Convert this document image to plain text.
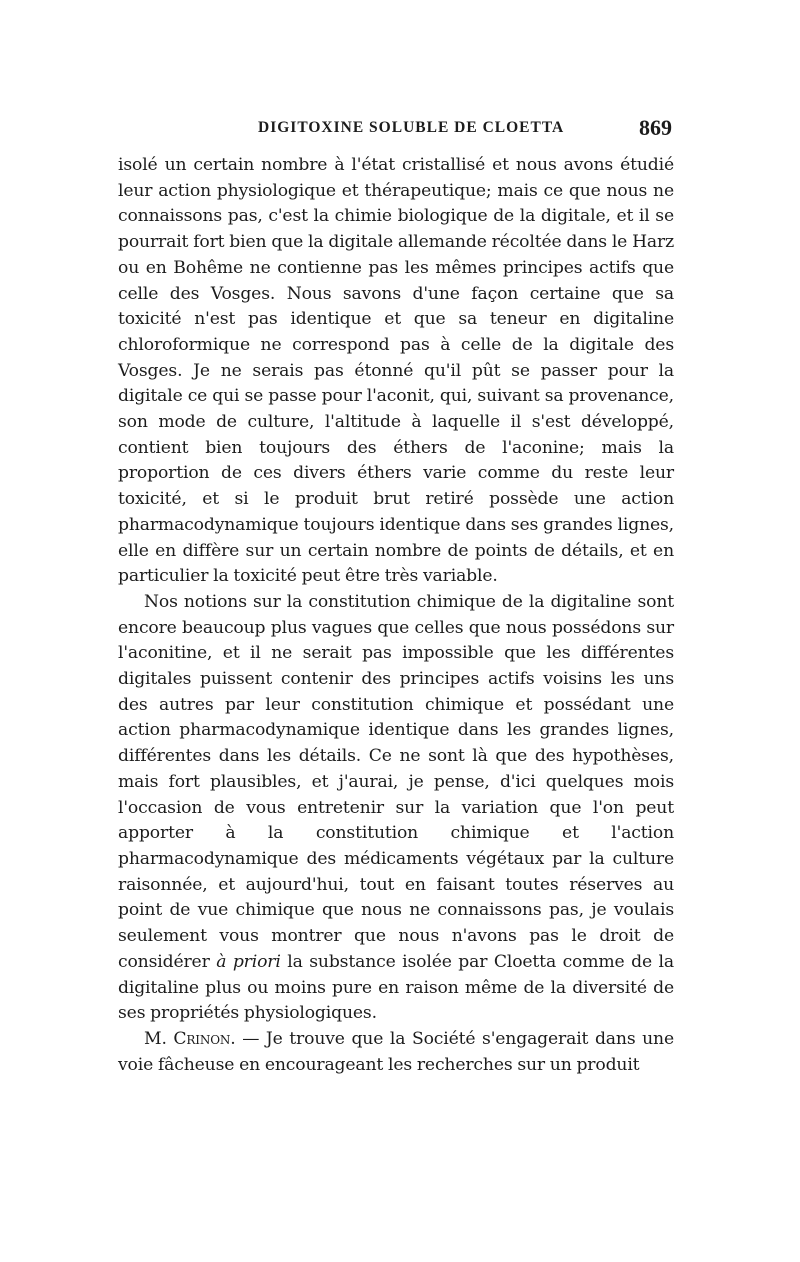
DIGITOXINE SOLUBLE DE CLOETTA	869

isolé un certain nombre à l'état cristallisé et nous avons étudié leur action physiologique et thérapeutique; mais ce que nous ne connaissons pas, c'est la chimie biologique de la digitale, et il se pourrait fort bien que la digitale allemande récoltée dans le Harz ou en Bohême ne contienne pas les mêmes principes actifs que celle des Vosges. Nous savons d'une façon certaine que sa toxicité n'est pas identique et que sa teneur en digitaline chloroformique ne correspond pas à celle de la digitale des Vosges. Je ne serais pas étonné qu'il pût se passer pour la digitale ce qui se passe pour l'aconit, qui, suivant sa provenance, son mode de culture, l'altitude à laquelle il s'est développé, contient bien toujours des éthers de l'aconine; mais la proportion de ces divers éthers varie comme du reste leur toxicité, et si le produit brut retiré possède une action pharmacodynamique toujours identique dans ses grandes lignes, elle en diffère sur un certain nombre de points de détails, et en particulier la toxicité peut être très variable.

Nos notions sur la constitution chimique de la digitaline sont encore beaucoup plus vagues que celles que nous possédons sur l'aconitine, et il ne serait pas impossible que les différentes digitales puissent contenir des principes actifs voisins les uns des autres par leur constitution chimique et possédant une action pharmacodynamique identique dans les grandes lignes, différentes dans les détails. Ce ne sont là que des hypothèses, mais fort plausibles, et j'aurai, je pense, d'ici quelques mois l'occasion de vous entretenir sur la variation que l'on peut apporter à la constitution chimique et l'action pharmacodynamique des médicaments végétaux par la culture raisonnée, et aujourd'hui, tout en faisant toutes réserves au point de vue chimique que nous ne connaissons pas, je voulais seulement vous montrer que nous n'avons pas le droit de considérer à priori la substance isolée par Cloetta comme de la digitaline plus ou moins pure en raison même de la diversité de ses propriétés physiologiques.

M. Crinon. — Je trouve que la Société s'engagerait dans une voie fâcheuse en encourageant les recherches sur un produit
